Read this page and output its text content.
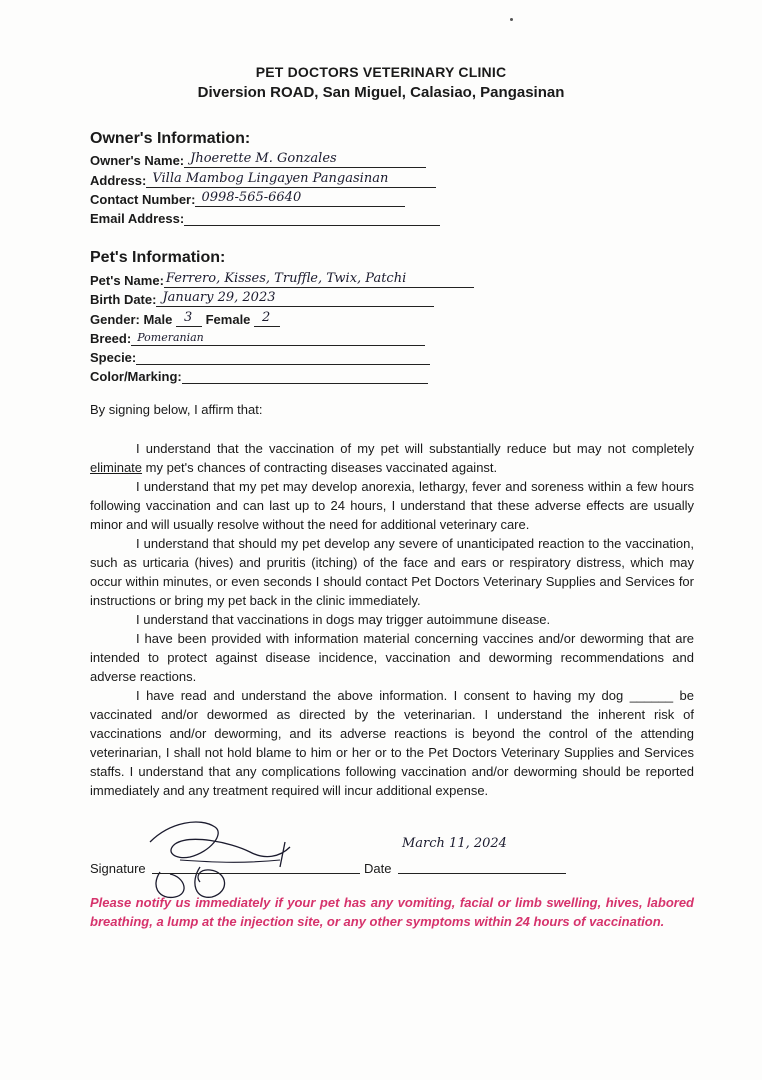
PET DOCTORS VETERINARY CLINIC
Diversion ROAD, San Miguel, Calasiao, Pangasinan
Owner's Information:
Owner's Name: Jhoerette M. Gonzales
Address: Villa Mambog Lingayen Pangasinan
Contact Number: 0998-565-6640
Email Address:
Pet's Information:
Pet's Name: Ferrero, Kisses, Truffle, Twix, Patchi
Birth Date: January 29, 2023
Gender: Male 3 Female 2
Breed: Pomeranian
Specie:
Color/Marking:
By signing below, I affirm that:

I understand that the vaccination of my pet will substantially reduce but may not completely eliminate my pet's chances of contracting diseases vaccinated against.

I understand that my pet may develop anorexia, lethargy, fever and soreness within a few hours following vaccination and can last up to 24 hours, I understand that these adverse effects are usually minor and will usually resolve without the need for additional veterinary care.

I understand that should my pet develop any severe of unanticipated reaction to the vaccination, such as urticaria (hives) and pruritis (itching) of the face and ears or respiratory distress, which may occur within minutes, or even seconds I should contact Pet Doctors Veterinary Supplies and Services for instructions or bring my pet back in the clinic immediately.

I understand that vaccinations in dogs may trigger autoimmune disease.

I have been provided with information material concerning vaccines and/or deworming that are intended to protect against disease incidence, vaccination and deworming recommendations and adverse reactions.

I have read and understand the above information. I consent to having my dog ______ be vaccinated and/or dewormed as directed by the veterinarian. I understand the inherent risk of vaccinations and/or deworming, and its adverse reactions is beyond the control of the attending veterinarian, I shall not hold blame to him or her or to the Pet Doctors Veterinary Supplies and Services staffs. I understand that any complications following vaccination and/or deworming should be reported immediately and any treatment required will incur additional expense.

March 11, 2024
Signature	Date
Please notify us immediately if your pet has any vomiting, facial or limb swelling, hives, labored breathing, a lump at the injection site, or any other symptoms within 24 hours of vaccination.
